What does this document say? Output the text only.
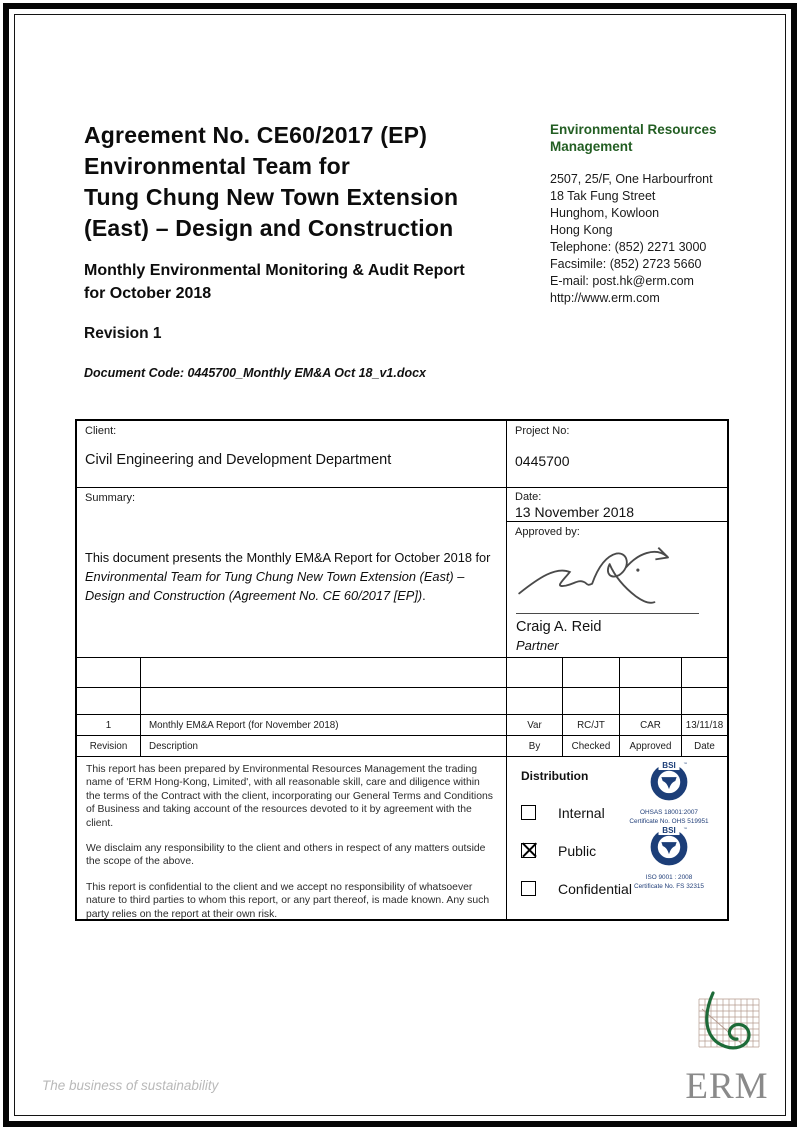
Agreement No. CE60/2017 (EP)
Environmental Team for
Tung Chung New Town Extension
(East) – Design and Construction
Monthly Environmental Monitoring & Audit Report
for October 2018
Revision 1
Document Code: 0445700_Monthly EM&A Oct 18_v1.docx
Environmental Resources
Management
2507, 25/F, One Harbourfront
18 Tak Fung Street
Hunghom, Kowloon
Hong Kong
Telephone: (852) 2271 3000
Facsimile: (852) 2723 5660
E-mail: post.hk@erm.com
http://www.erm.com
Client:
Civil Engineering and Development Department
Project No:
0445700
Summary:
This document presents the Monthly EM&A Report for October 2018 for Environmental Team for Tung Chung New Town Extension (East) – Design and Construction (Agreement No. CE 60/2017 [EP]).
Date:
13 November 2018
Approved by:
Craig A. Reid
Partner
1	Monthly EM&A Report (for November 2018)	Var	RC/JT	CAR	13/11/18
Revision	Description	By	Checked	Approved	Date

This report has been prepared by Environmental Resources Management the trading name of 'ERM Hong-Kong, Limited', with all reasonable skill, care and diligence within the terms of the Contract with the client, incorporating our General Terms and Conditions of Business and taking account of the resources devoted to it by agreement with the client.

We disclaim any responsibility to the client and others in respect of any matters outside the scope of the above.

This report is confidential to the client and we accept no responsibility of whatsoever nature to third parties to whom this report, or any part thereof, is made known. Any such party relies on the report at their own risk.

Distribution
Internal
Public
Confidential
BSI ™
OHSAS 18001:2007
Certificate No. OHS 519951
BSI ™
ISO 9001 : 2008
Certificate No. FS 32315
The business of sustainability	ERM
